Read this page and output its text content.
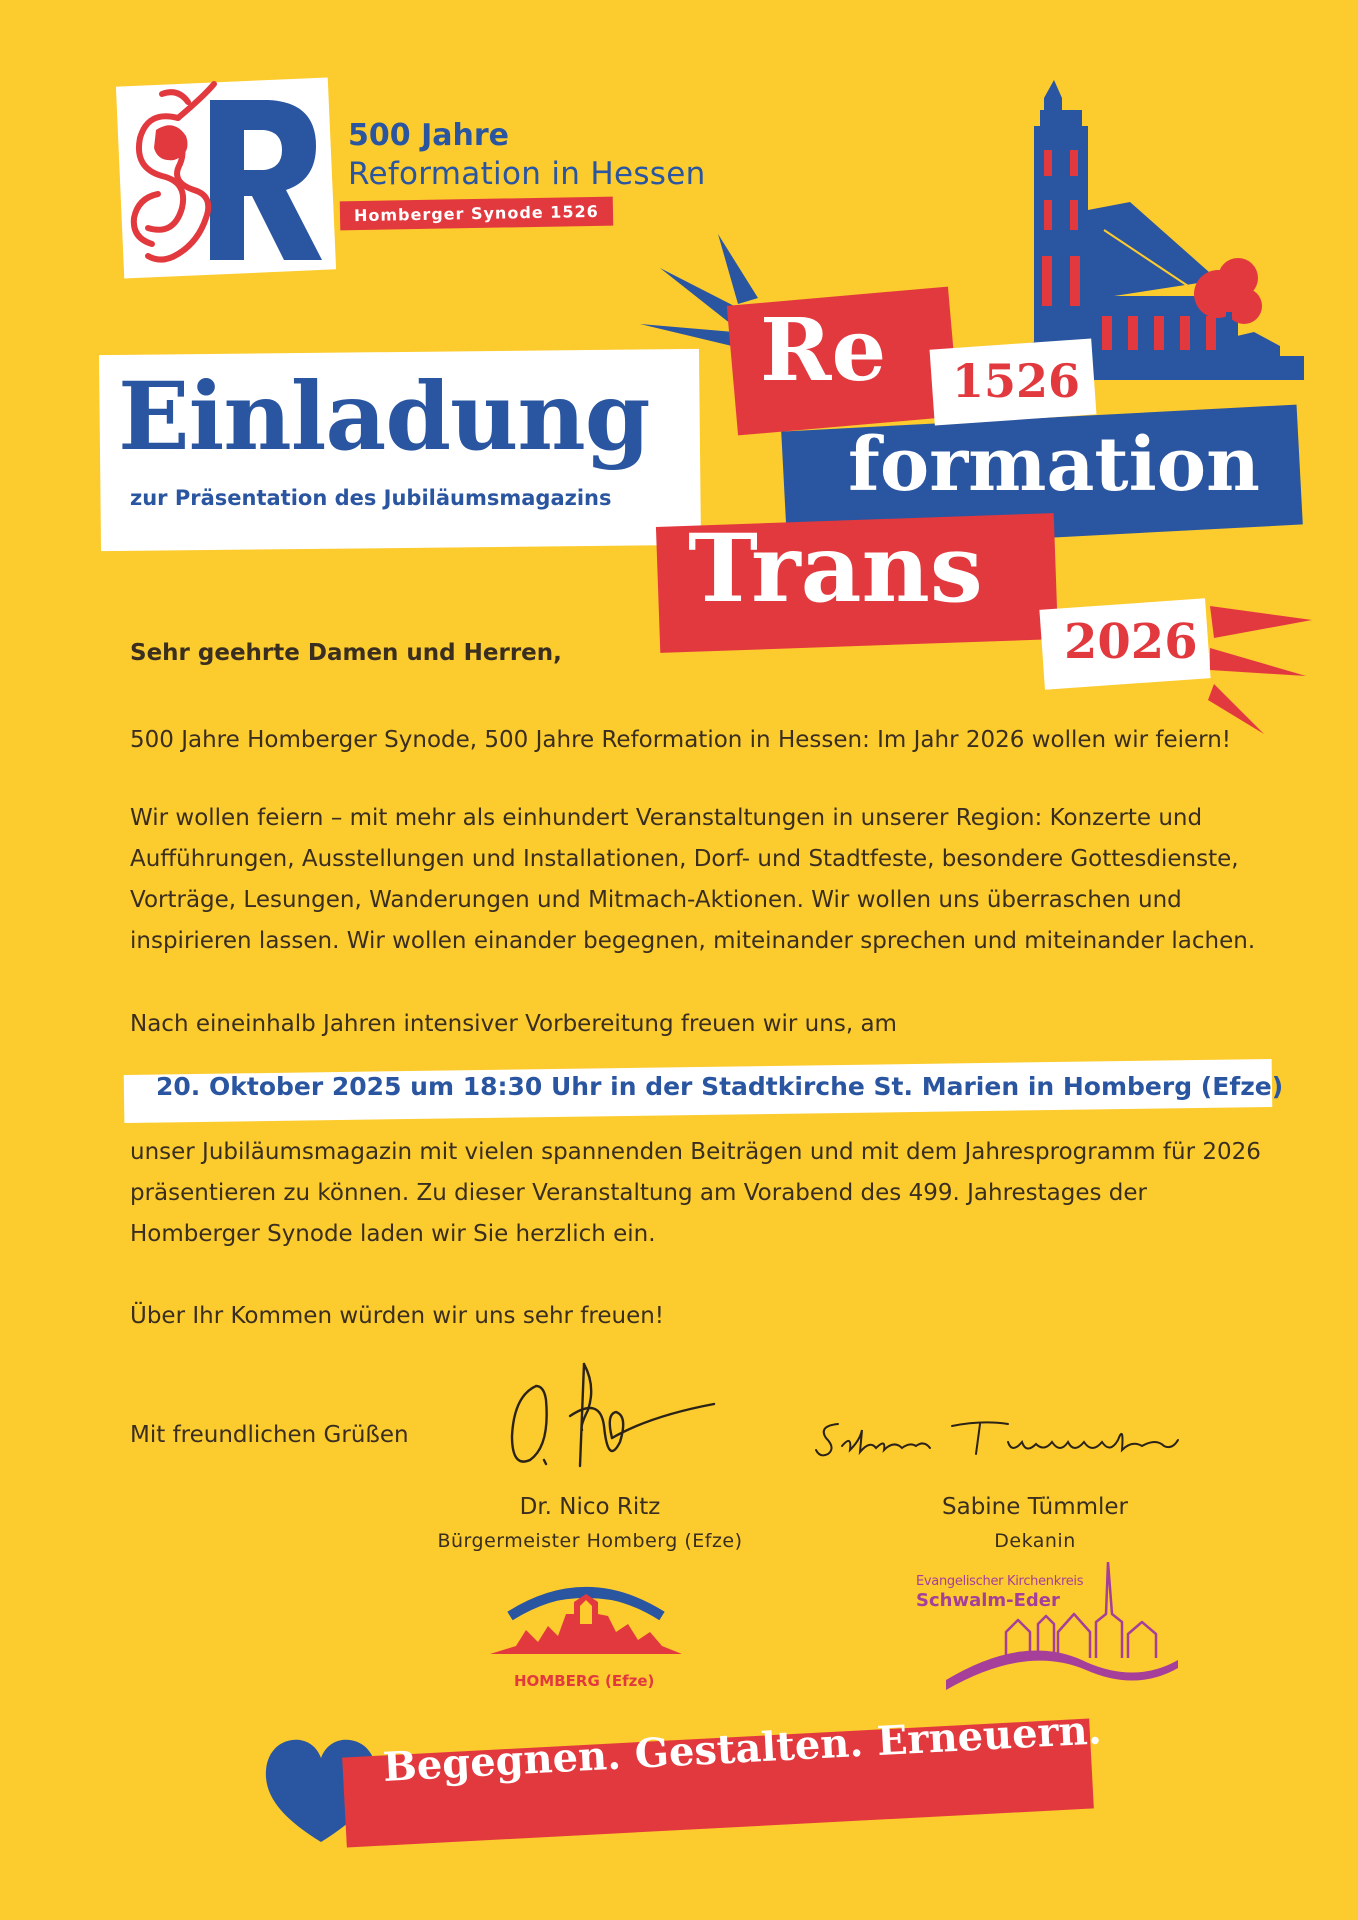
500 Jahre
Reformation in Hessen
Homberger Synode 1526
Einladung
zur Präsentation des Jubiläumsmagazins
Re
formation
1526
Trans
2026
Sehr geehrte Damen und Herren,
500 Jahre Homberger Synode, 500 Jahre Reformation in Hessen: Im Jahr 2026 wollen wir feiern!
Wir wollen feiern – mit mehr als einhundert Veranstaltungen in unserer Region: Konzerte und Aufführungen, Ausstellungen und Installationen, Dorf- und Stadtfeste, besondere Gottesdienste, Vorträge, Lesungen, Wanderungen und Mitmach-Aktionen. Wir wollen uns überraschen und inspirieren lassen. Wir wollen einander begegnen, miteinander sprechen und miteinander lachen.
Nach eineinhalb Jahren intensiver Vorbereitung freuen wir uns, am
20. Oktober 2025 um 18:30 Uhr in der Stadtkirche St. Marien in Homberg (Efze)
unser Jubiläumsmagazin mit vielen spannenden Beiträgen und mit dem Jahresprogramm für 2026 präsentieren zu können. Zu dieser Veranstaltung am Vorabend des 499. Jahrestages der Homberger Synode laden wir Sie herzlich ein.
Über Ihr Kommen würden wir uns sehr freuen!
Mit freundlichen Grüßen
Dr. Nico Ritz
Bürgermeister Homberg (Efze)
Sabine Tümmler
Dekanin
HOMBERG (Efze)
Evangelischer Kirchenkreis
Schwalm-Eder
Begegnen. Gestalten. Erneuern.
